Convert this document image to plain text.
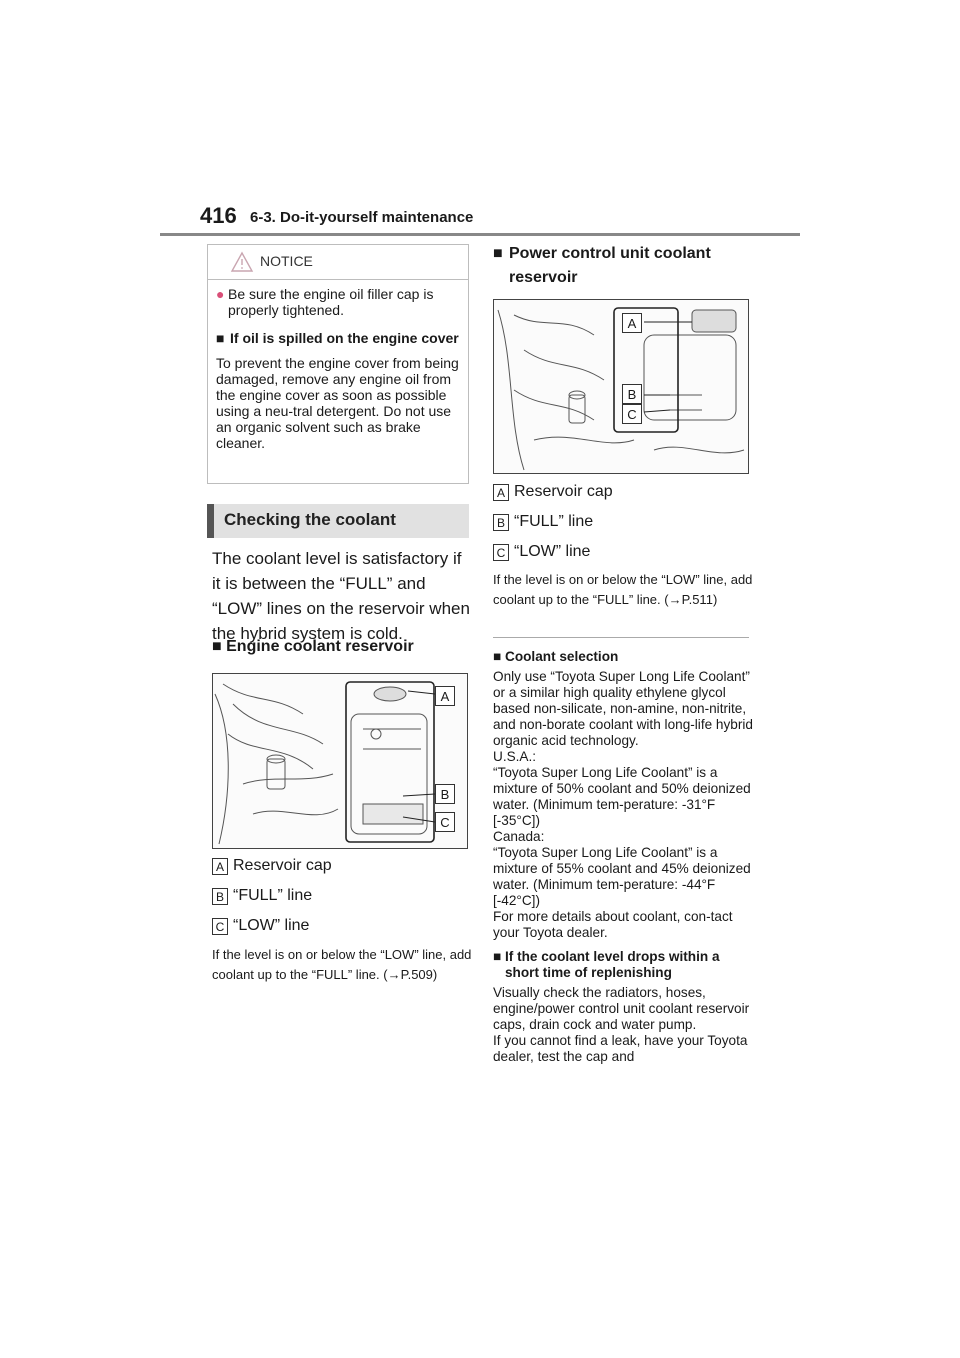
416 6-3. Do-it-yourself maintenance
NOTICE
● Be sure the engine oil filler cap is properly tightened.
■ If oil is spilled on the engine cover
To prevent the engine cover from being damaged, remove any engine oil from the engine cover as soon as possible using a neu-tral detergent. Do not use an organic solvent such as brake cleaner.
Checking the coolant
The coolant level is satisfactory if it is between the “FULL” and “LOW” lines on the reservoir when the hybrid system is cold.
■ Engine coolant reservoir
A
B
C
A Reservoir cap
B “FULL” line
C “LOW” line
If the level is on or below the “LOW” line, add coolant up to the “FULL” line. (→P.509)
■ Power control unit coolant reservoir
A
B
C
A Reservoir cap
B “FULL” line
C “LOW” line
If the level is on or below the “LOW” line, add coolant up to the “FULL” line. (→P.511)
■ Coolant selection
Only use “Toyota Super Long Life Coolant” or a similar high quality ethylene glycol based non-silicate, non-amine, non-nitrite, and non-borate coolant with long-life hybrid organic acid technology.
U.S.A.:
“Toyota Super Long Life Coolant” is a mixture of 50% coolant and 50% deionized water. (Minimum tem-perature: -31°F [-35°C])
Canada:
“Toyota Super Long Life Coolant” is a mixture of 55% coolant and 45% deionized water. (Minimum tem-perature: -44°F [-42°C])
For more details about coolant, con-tact your Toyota dealer.
■ If the coolant level drops within a short time of replenishing
Visually check the radiators, hoses, engine/power control unit coolant reservoir caps, drain cock and water pump.
If you cannot find a leak, have your Toyota dealer, test the cap and
